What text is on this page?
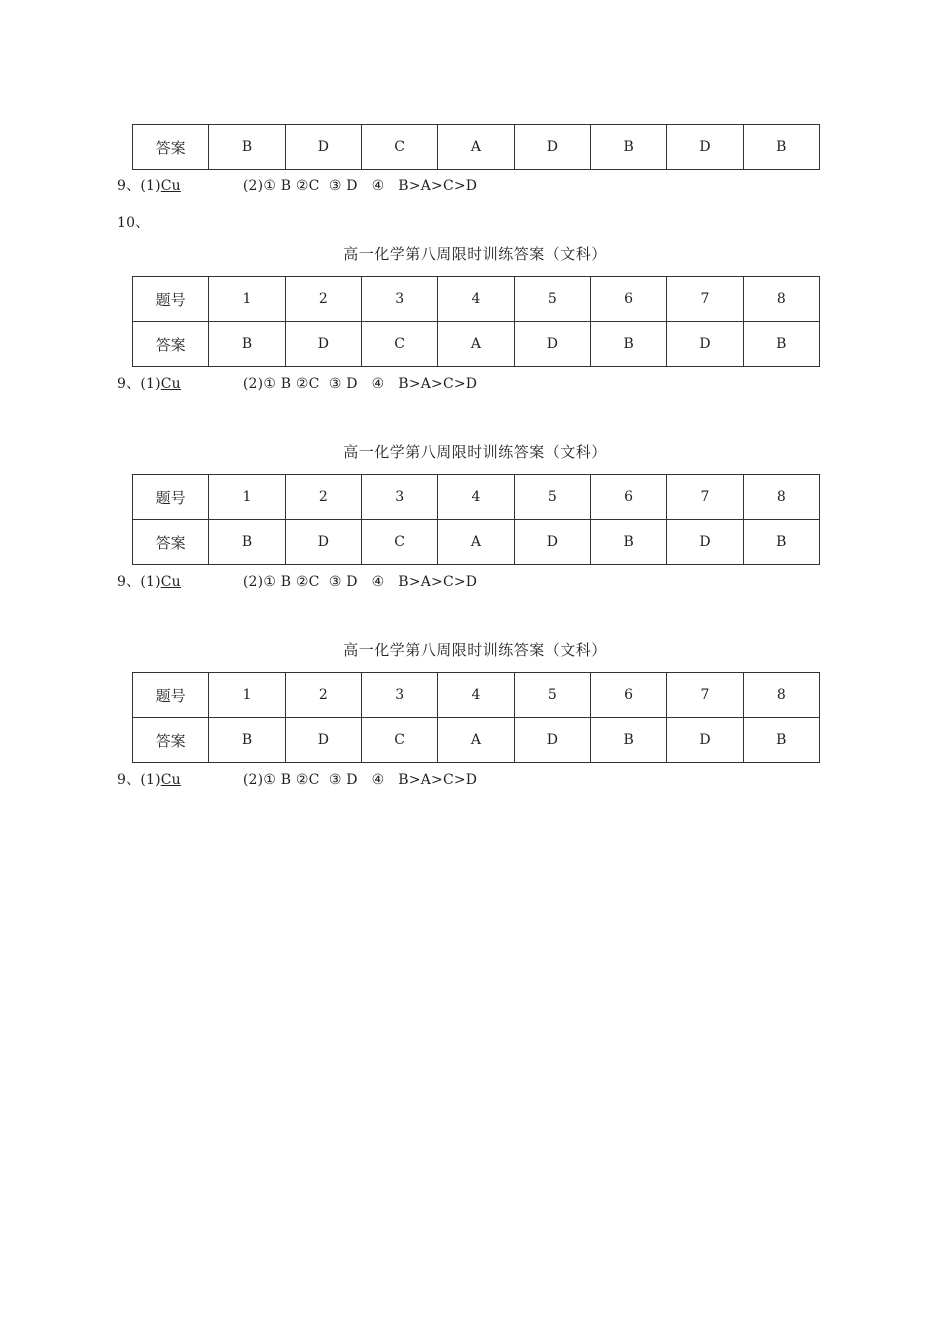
答案	B	D	C	A	D	B	D	B
9、(1)Cu	(2)① B ②C  ③ D   ④   B>A>C>D
10、
高一化学第八周限时训练答案（文科）
题号	1	2	3	4	5	6	7	8
答案	B	D	C	A	D	B	D	B
9、(1)Cu	(2)① B ②C  ③ D   ④   B>A>C>D
高一化学第八周限时训练答案（文科）
题号	1	2	3	4	5	6	7	8
答案	B	D	C	A	D	B	D	B
9、(1)Cu	(2)① B ②C  ③ D   ④   B>A>C>D
高一化学第八周限时训练答案（文科）
题号	1	2	3	4	5	6	7	8
答案	B	D	C	A	D	B	D	B
9、(1)Cu	(2)① B ②C  ③ D   ④   B>A>C>D
